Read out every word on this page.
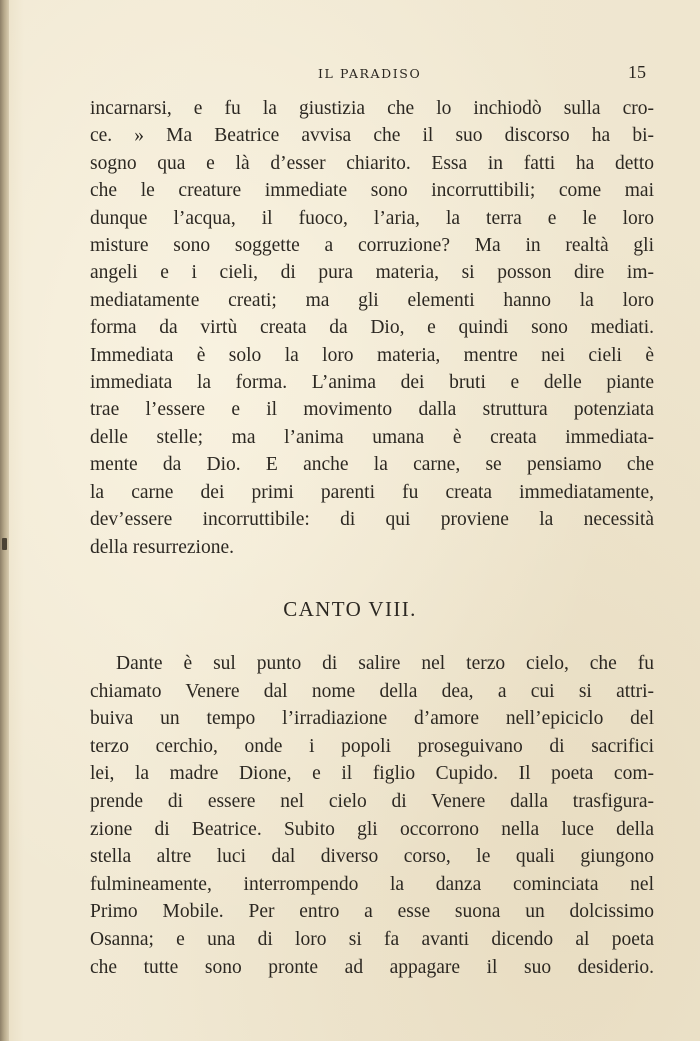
IL PARADISO	15
incarnarsi, e fu la giustizia che lo inchiodò sulla cro-
ce. » Ma Beatrice avvisa che il suo discorso ha bi-
sogno qua e là d’esser chiarito. Essa in fatti ha detto
che le creature immediate sono incorruttibili; come mai
dunque l’acqua, il fuoco, l’aria, la terra e le loro
misture sono soggette a corruzione? Ma in realtà gli
angeli e i cieli, di pura materia, si posson dire im-
mediatamente creati; ma gli elementi hanno la loro
forma da virtù creata da Dio, e quindi sono mediati.
Immediata è solo la loro materia, mentre nei cieli è
immediata la forma. L’anima dei bruti e delle piante
trae l’essere e il movimento dalla struttura potenziata
delle stelle; ma l’anima umana è creata immediata-
mente da Dio. E anche la carne, se pensiamo che
la carne dei primi parenti fu creata immediatamente,
dev’essere incorruttibile: di qui proviene la necessità
della resurrezione.
CANTO VIII.
Dante è sul punto di salire nel terzo cielo, che fu
chiamato Venere dal nome della dea, a cui si attri-
buiva un tempo l’irradiazione d’amore nell’epiciclo del
terzo cerchio, onde i popoli proseguivano di sacrifici
lei, la madre Dione, e il figlio Cupido. Il poeta com-
prende di essere nel cielo di Venere dalla trasfigura-
zione di Beatrice. Subito gli occorrono nella luce della
stella altre luci dal diverso corso, le quali giungono
fulmineamente, interrompendo la danza cominciata nel
Primo Mobile. Per entro a esse suona un dolcissimo
Osanna; e una di loro si fa avanti dicendo al poeta
che tutte sono pronte ad appagare il suo desiderio.
